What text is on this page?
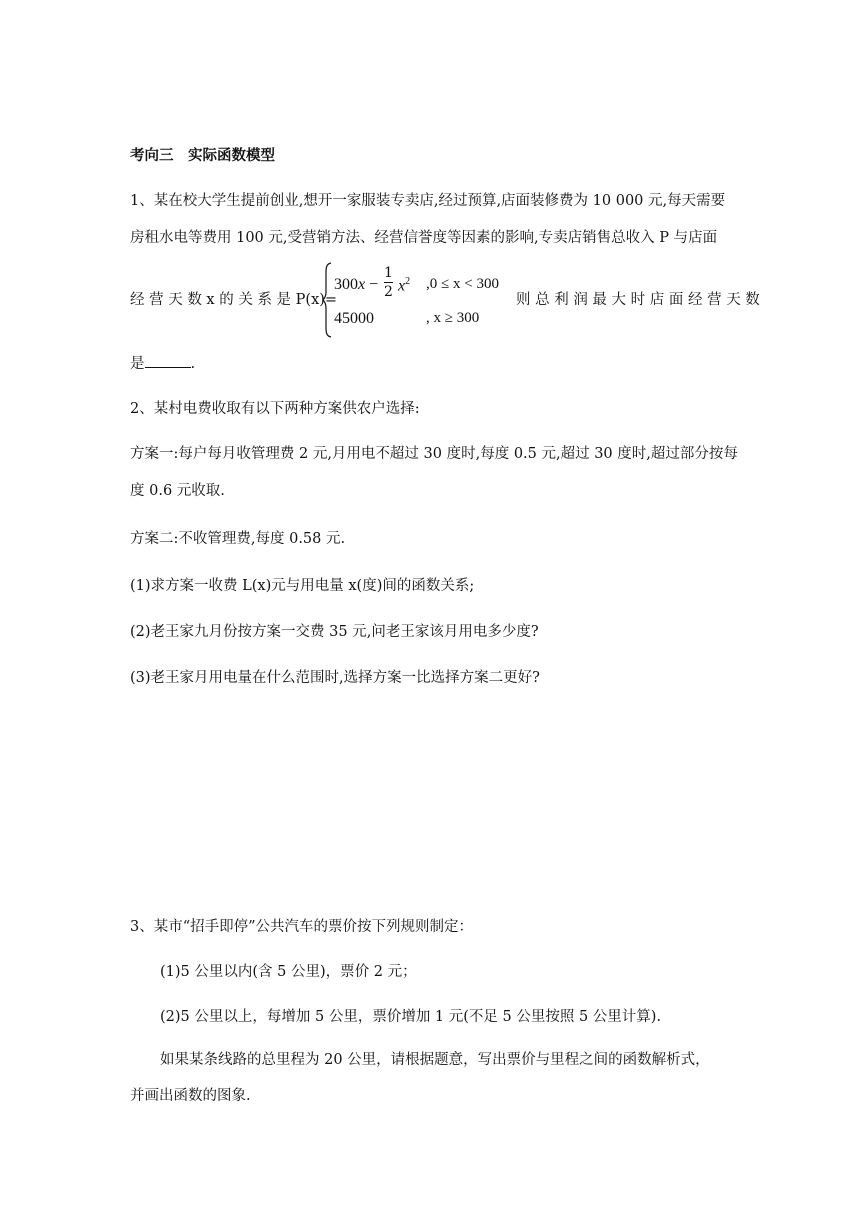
考向三　实际函数模型
1、某在校大学生提前创业,想开一家服装专卖店,经过预算,店面装修费为 10 000 元,每天需要
房租水电等费用 100 元,受营销方法、经营信誉度等因素的影响,专卖店销售总收入 P 与店面
经 营 天 数 x 的 关 系 是 P(x)=
300x −
1
2 $x^2$ ,0 ≤ x < 300
45000	, x ≥ 300
则 总 利 润 最 大 时 店 面 经 营 天 数
是	.
2、某村电费收取有以下两种方案供农户选择:
方案一:每户每月收管理费 2 元,月用电不超过 30 度时,每度 0.5 元,超过 30 度时,超过部分按每
度 0.6 元收取.
方案二:不收管理费,每度 0.58 元.
(1)求方案一收费 L(x)元与用电量 x(度)间的函数关系;
(2)老王家九月份按方案一交费 35 元,问老王家该月用电多少度?
(3)老王家月用电量在什么范围时,选择方案一比选择方案二更好?
3、某市“招手即停”公共汽车的票价按下列规则制定：
(1)5 公里以内(含 5 公里)，票价 2 元；
(2)5 公里以上，每增加 5 公里，票价增加 1 元(不足 5 公里按照 5 公里计算).
如果某条线路的总里程为 20 公里，请根据题意，写出票价与里程之间的函数解析式，
并画出函数的图象.
